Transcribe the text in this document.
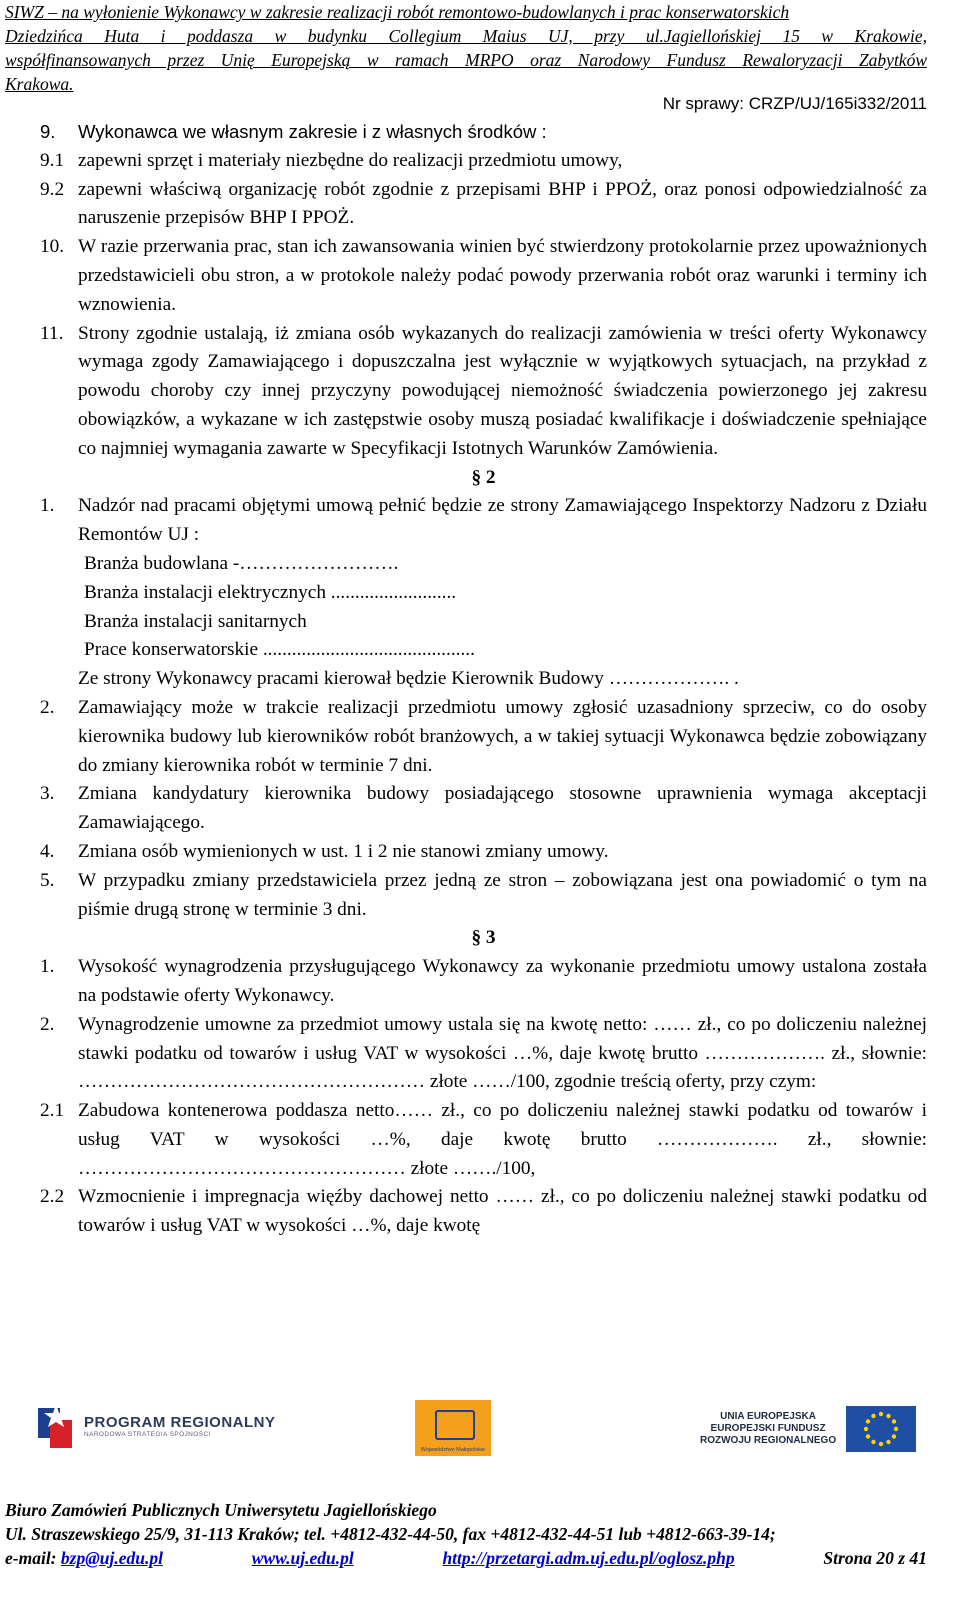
SIWZ – na wyłonienie Wykonawcy w zakresie realizacji robót remontowo-budowlanych i prac konserwatorskich
Dziedzińca Huta i poddasza w budynku Collegium Maius UJ, przy ul.Jagiellońskiej 15 w Krakowie,
współfinansowanych przez Unię Europejską w ramach MRPO oraz Narodowy Fundusz Rewaloryzacji Zabytków
Krakowa.
Nr sprawy: CRZP/UJ/165i332/2011
9.	Wykonawca we własnym zakresie i z własnych środków :
9.1 zapewni sprzęt i materiały niezbędne do realizacji przedmiotu umowy,
9.2 zapewni właściwą organizację robót zgodnie z przepisami BHP i PPOŻ, oraz ponosi odpowiedzialność za naruszenie przepisów BHP I PPOŻ.
10. W razie przerwania prac, stan ich zawansowania winien być stwierdzony protokolarnie przez upoważnionych przedstawicieli obu stron, a w protokole należy podać powody przerwania robót oraz warunki i terminy ich wznowienia.
11. Strony zgodnie ustalają, iż zmiana osób wykazanych do realizacji zamówienia w treści oferty Wykonawcy wymaga zgody Zamawiającego i dopuszczalna jest wyłącznie w wyjątkowych sytuacjach, na przykład z powodu choroby czy innej przyczyny powodującej niemożność świadczenia powierzonego jej zakresu obowiązków, a wykazane w ich zastępstwie osoby muszą posiadać kwalifikacje i doświadczenie spełniające co najmniej wymagania zawarte w Specyfikacji Istotnych Warunków Zamówienia.
§ 2
1.	Nadzór nad pracami objętymi umową pełnić będzie ze strony Zamawiającego Inspektorzy Nadzoru z Działu Remontów UJ :
Branża budowlana -…………………….
Branża instalacji elektrycznych ..........................
Branża instalacji sanitarnych
Prace konserwatorskie ............................................
Ze strony Wykonawcy pracami kierował będzie Kierownik Budowy ………………. .
2.	Zamawiający może w trakcie realizacji przedmiotu umowy zgłosić uzasadniony sprzeciw, co do osoby kierownika budowy lub kierowników robót branżowych, a w takiej sytuacji Wykonawca będzie zobowiązany do zmiany kierownika robót w terminie 7 dni.
3.	Zmiana kandydatury kierownika budowy posiadającego stosowne uprawnienia wymaga akceptacji Zamawiającego.
4.	Zmiana osób wymienionych w ust. 1 i 2 nie stanowi zmiany umowy.
5.	W przypadku zmiany przedstawiciela przez jedną ze stron – zobowiązana jest ona powiadomić o tym na piśmie drugą stronę w terminie 3 dni.
§ 3
1.	Wysokość wynagrodzenia przysługującego Wykonawcy za wykonanie przedmiotu umowy ustalona została na podstawie oferty Wykonawcy.
2.	Wynagrodzenie umowne za przedmiot umowy ustala się na kwotę netto: …… zł., co po doliczeniu należnej stawki podatku od towarów i usług VAT w wysokości …%, daje kwotę brutto ………………. zł., słownie: ……………………………………………… złote ……/100, zgodnie treścią oferty, przy czym:
2.1 Zabudowa kontenerowa poddasza netto…… zł., co po doliczeniu należnej stawki podatku od towarów i usług VAT w wysokości …%, daje kwotę brutto ………………. zł., słownie: …………………………………………… złote ……./100,
2.2 Wzmocnienie i impregnacja więźby dachowej netto …… zł., co po doliczeniu należnej stawki podatku od towarów i usług VAT w wysokości …%, daje kwotę
PROGRAM REGIONALNY
NARODOWA STRATEGIA SPÓJNOŚCI
Województwo Małopolskie
UNIA EUROPEJSKA
EUROPEJSKI FUNDUSZ
ROZWOJU REGIONALNEGO
Biuro Zamówień Publicznych Uniwersytetu Jagiellońskiego
Ul. Straszewskiego 25/9, 31-113 Kraków; tel. +4812-432-44-50, fax +4812-432-44-51 lub +4812-663-39-14;
e-mail: bzp@uj.edu.pl	www.uj.edu.pl	http://przetargi.adm.uj.edu.pl/oglosz.php	Strona 20 z 41
